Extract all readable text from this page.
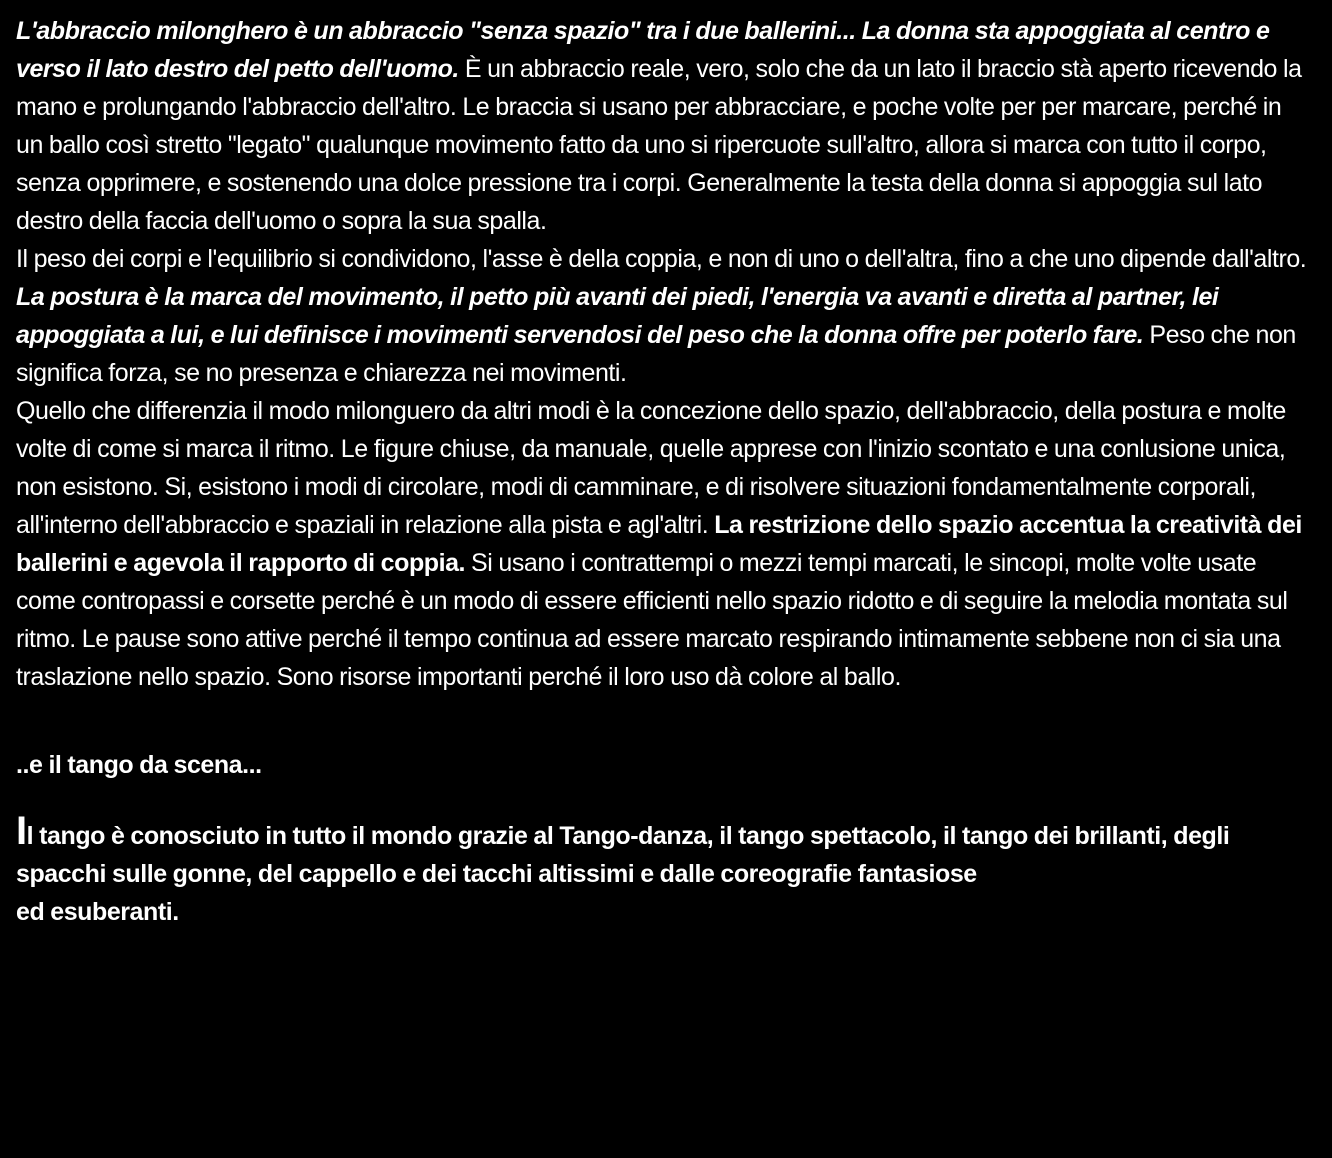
L'abbraccio milonghero è un abbraccio "senza spazio" tra i due ballerini... La donna sta appoggiata al centro e verso il lato destro del petto dell'uomo. È un abbraccio reale, vero, solo che da un lato il braccio stà aperto ricevendo la mano e prolungando l'abbraccio dell'altro. Le braccia si usano per abbracciare, e poche volte per per marcare, perché in un ballo così stretto "legato" qualunque movimento fatto da uno si ripercuote sull'altro, allora si marca con tutto il corpo, senza opprimere, e sostenendo una dolce pressione tra i corpi. Generalmente la testa della donna si appoggia sul lato destro della faccia dell'uomo o sopra la sua spalla.

Il peso dei corpi e l'equilibrio si condividono, l'asse è della coppia, e non di uno o dell'altra, fino a che uno dipende dall'altro.

La postura è la marca del movimento, il petto più avanti dei piedi, l'energia va avanti e diretta al partner, lei appoggiata a lui, e lui definisce i movimenti servendosi del peso che la donna offre per poterlo fare. Peso che non significa forza, se no presenza e chiarezza nei movimenti.

Quello che differenzia il modo milonguero da altri modi è la concezione dello spazio, dell'abbraccio, della postura e molte volte di come si marca il ritmo. Le figure chiuse, da manuale, quelle apprese con l'inizio scontato e una conlusione unica, non esistono. Si, esistono i modi di circolare, modi di camminare, e di risolvere situazioni fondamentalmente corporali, all'interno dell'abbraccio e spaziali in relazione alla pista e agl'altri. La restrizione dello spazio accentua la creatività dei ballerini e agevola il rapporto di coppia. Si usano i contrattempi o mezzi tempi marcati, le sincopi, molte volte usate come contropassi e corsette perché è un modo di essere efficienti nello spazio ridotto e di seguire la melodia montata sul ritmo. Le pause sono attive perché il tempo continua ad essere marcato respirando intimamente sebbene non ci sia una traslazione nello spazio. Sono risorse importanti perché il loro uso dà colore al ballo.

..e il tango da scena...

Il tango è conosciuto in tutto il mondo grazie al Tango-danza, il tango spettacolo, il tango dei brillanti, degli spacchi sulle gonne, del cappello e dei tacchi altissimi e dalle coreografie fantasiose
ed esuberanti.
